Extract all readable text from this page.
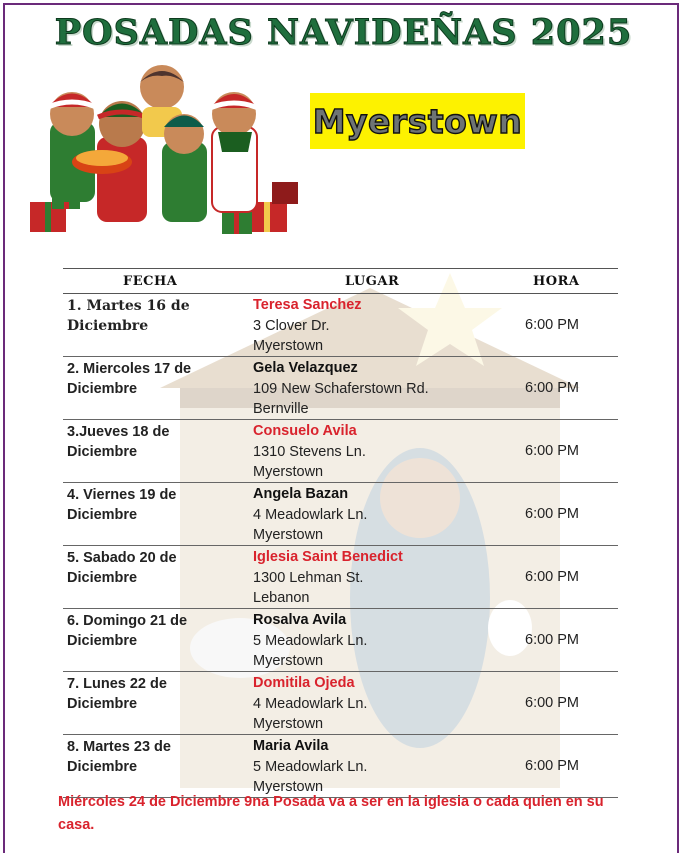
POSADAS NAVIDEÑAS 2025
Myerstown
FECHA	LUGAR	HORA
1. Martes 16 de
Diciembre
Teresa Sanchez
3 Clover Dr.
Myerstown
6:00 PM
2. Miercoles 17 de
Diciembre
Gela Velazquez
109 New Schaferstown Rd.
Bernville
6:00 PM
3.Jueves 18 de
Diciembre
Consuelo Avila
1310 Stevens Ln.
Myerstown
6:00 PM
4. Viernes 19 de
Diciembre
Angela Bazan
4 Meadowlark Ln.
Myerstown
6:00 PM
5. Sabado 20 de
Diciembre
Iglesia Saint Benedict
1300 Lehman St.
Lebanon
6:00 PM
6. Domingo 21 de
Diciembre
Rosalva Avila
5 Meadowlark Ln.
Myerstown
6:00 PM
7. Lunes 22 de
Diciembre
Domitila Ojeda
4 Meadowlark Ln.
Myerstown
6:00 PM
8. Martes 23 de
Diciembre
Maria Avila
5 Meadowlark Ln.
Myerstown
6:00 PM
Miércoles 24 de Diciembre 9na Posada va a ser en la iglesia o cada quien en su casa.
